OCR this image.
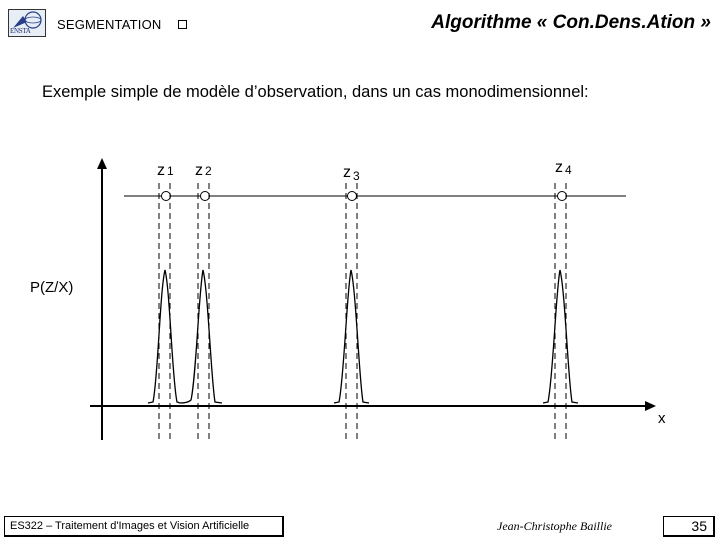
ENSTA SEGMENTATION	Algorithme « Con.Dens.Ation »
Exemple simple de modèle d’observation, dans un cas monodimensionnel:
z 1 z 2	z 3	z 4
P(Z/X)
x
ES322 – Traitement d'Images et Vision Artificielle	Jean-Christophe Baillie	35
